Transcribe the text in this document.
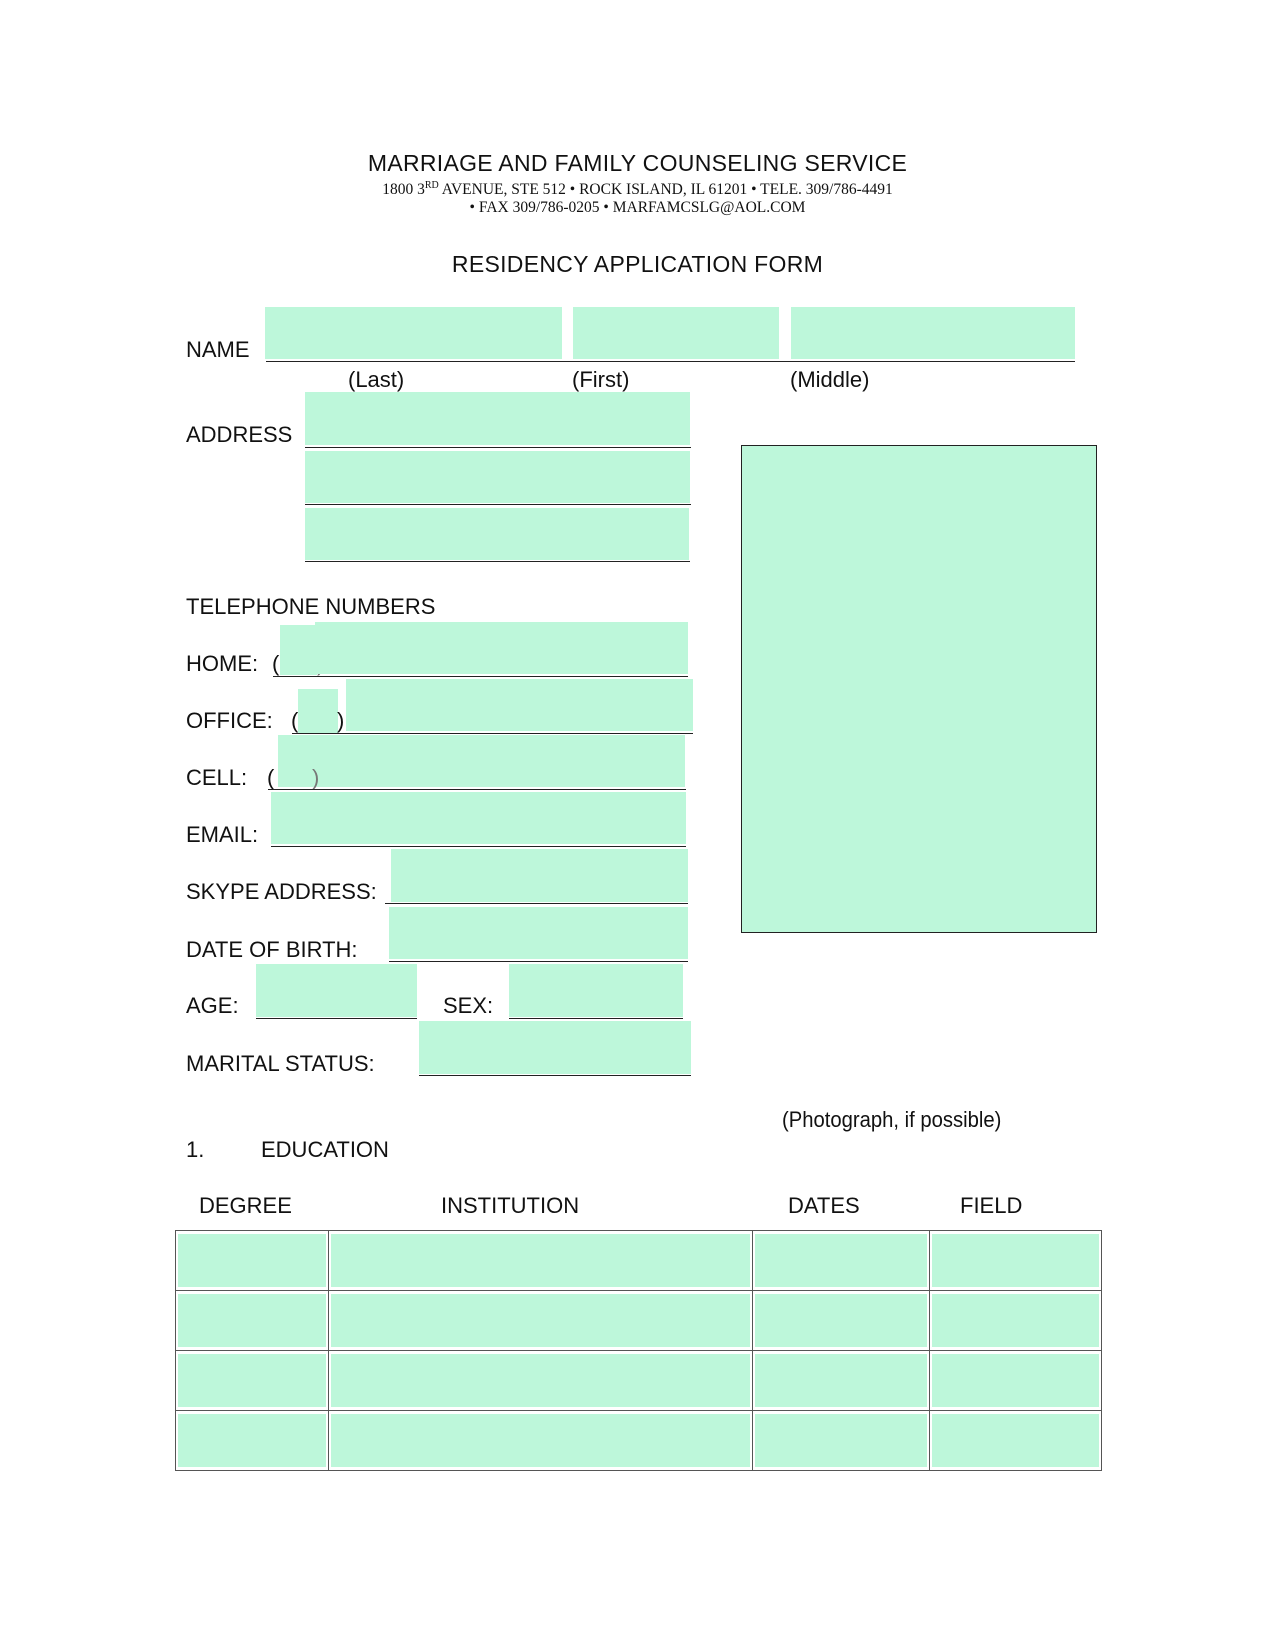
MARRIAGE AND FAMILY COUNSELING SERVICE
1800 3RD AVENUE, STE 512 • ROCK ISLAND, IL 61201 • TELE. 309/786-4491
• FAX 309/786-0205 • MARFAMCSLG@AOL.COM
RESIDENCY APPLICATION FORM
NAME
(Last)	(First)	(Middle)
ADDRESS
TELEPHONE NUMBERS
HOME: (
OFFICE: ( )
CELL: ( )
EMAIL:
SKYPE ADDRESS:
DATE OF BIRTH:
AGE:	SEX:
MARITAL STATUS:
(Photograph, if possible)
1.	EDUCATION
DEGREE	INSTITUTION	DATES	FIELD
